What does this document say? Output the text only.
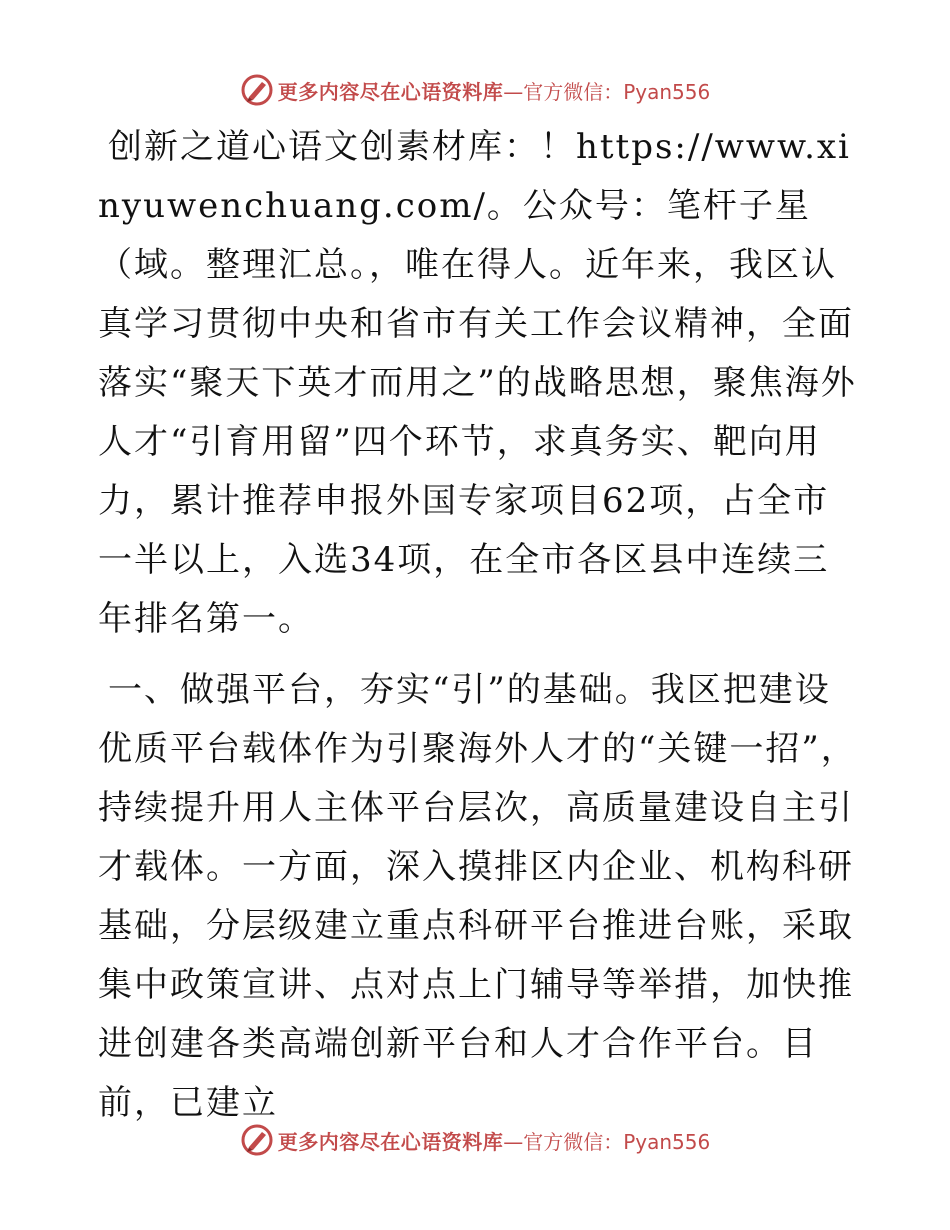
更多内容尽在心语资料库 —官方微信：Pyan556

创新之道心语文创素材库：！https://www.xinyuwenchuang.com/。公众号：笔杆子星（域。整理汇总。，唯在得人。近年来，我区认真学习贯彻中央和省市有关工作会议精神，全面落实“聚天下英才而用之”的战略思想，聚焦海外人才“引育用留”四个环节，求真务实、靶向用力，累计推荐申报外国专家项目62项，占全市一半以上，入选34项，在全市各区县中连续三年排名第一。

一、做强平台，夯实“引”的基础。我区把建设优质平台载体作为引聚海外人才的“关键一招”，持续提升用人主体平台层次，高质量建设自主引才载体。一方面，深入摸排区内企业、机构科研基础，分层级建立重点科研平台推进台账，采取集中政策宣讲、点对点上门辅导等举措，加快推进创建各类高端创新平台和人才合作平台。目前，已建立

更多内容尽在心语资料库 —官方微信：Pyan556
